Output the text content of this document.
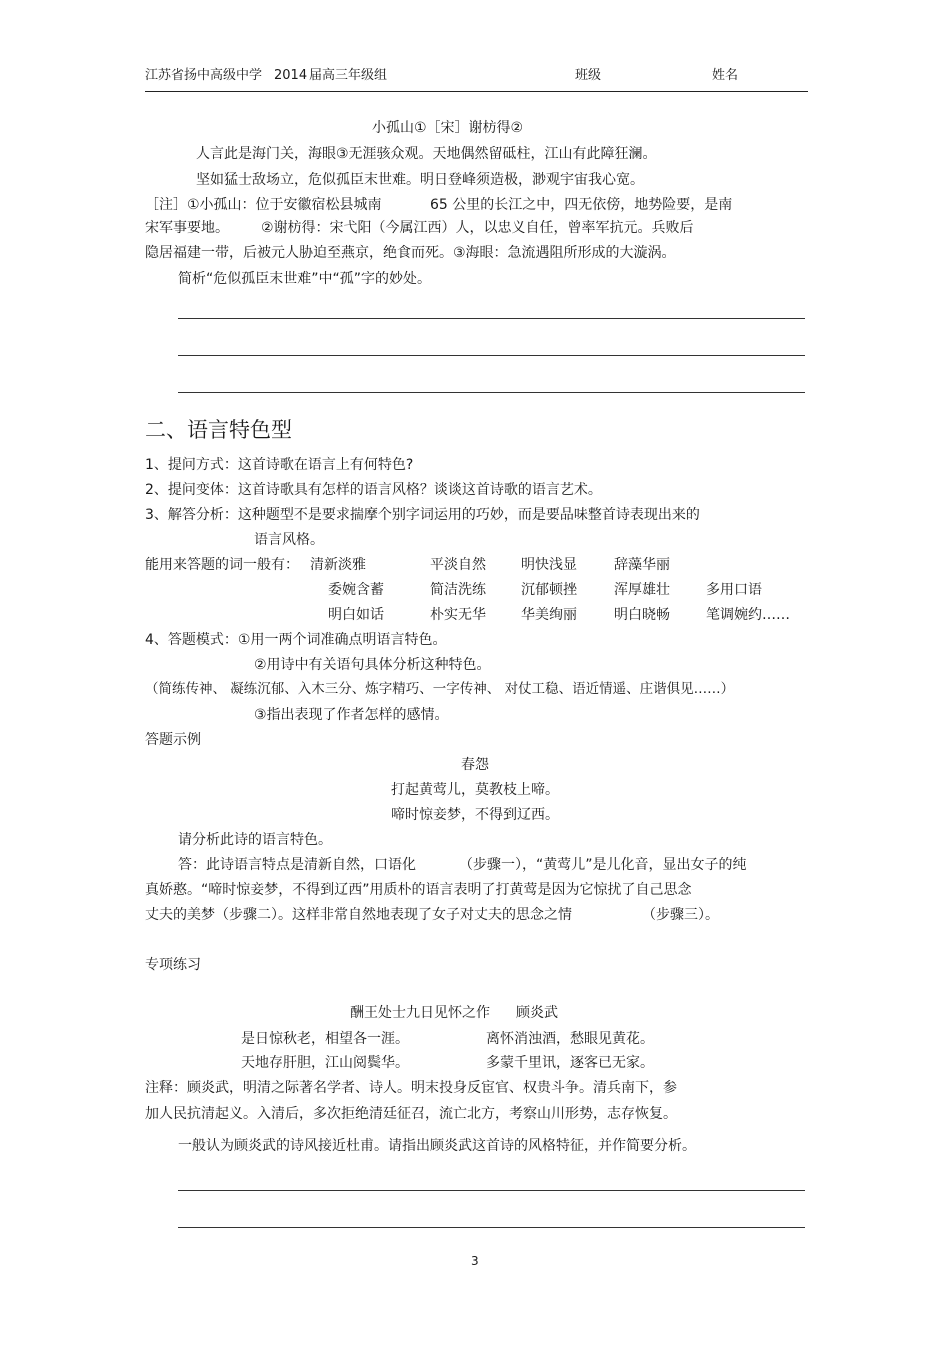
江苏省扬中高级中学 2014 届高三年级组	班级	姓名
小孤山①［宋］谢枋得②
人言此是海门关，海眼③无涯骇众观。天地偶然留砥柱，江山有此障狂澜。
坚如猛士敌场立，危似孤臣末世难。明日登峰须造极，渺观宇宙我心宽。
［注］①小孤山：位于安徽宿松县城南	65 公里的长江之中，四无依傍，地势险要，是南
宋军事要地。 ②谢枋得：宋弋阳（今属江西）人，以忠义自任，曾率军抗元。兵败后
隐居福建一带，后被元人胁迫至燕京，绝食而死。③海眼：急流遇阻所形成的大漩涡。
简析“危似孤臣末世难”中“孤”字的妙处。
二、语言特色型
1、提问方式：这首诗歌在语言上有何特色?
2、提问变体：这首诗歌具有怎样的语言风格？谈谈这首诗歌的语言艺术。
3、解答分析：这种题型不是要求揣摩个别字词运用的巧妙，而是要品味整首诗表现出来的
语言风格。
能用来答题的词一般有： 清新淡雅	平淡自然	明快浅显	辞藻华丽
委婉含蓄	简洁洗练	沉郁顿挫	浑厚雄壮	多用口语
明白如话	朴实无华	华美绚丽	明白晓畅	笔调婉约……
4、答题模式：①用一两个词准确点明语言特色。
②用诗中有关语句具体分析这种特色。
（简练传神、 凝练沉郁、入木三分、炼字精巧、一字传神、 对仗工稳、语近情遥、庄谐俱见……）
③指出表现了作者怎样的感情。
答题示例
春怨
打起黄莺儿，莫教枝上啼。
啼时惊妾梦，不得到辽西。
请分析此诗的语言特色。
答：此诗语言特点是清新自然，口语化	（步骤一），“黄莺儿”是儿化音，显出女子的纯
真娇憨。“啼时惊妾梦，不得到辽西”用质朴的语言表明了打黄莺是因为它惊扰了自己思念
丈夫的美梦（步骤二）。这样非常自然地表现了女子对丈夫的思念之情	（步骤三）。
专项练习
酬王处士九日见怀之作 顾炎武
是日惊秋老，相望各一涯。	离怀消浊酒，愁眼见黄花。
天地存肝胆，江山阅鬓华。	多蒙千里讯，逐客已无家。
注释：顾炎武，明清之际著名学者、诗人。明末投身反宦官、权贵斗争。清兵南下，参
加人民抗清起义。入清后，多次拒绝清廷征召，流亡北方，考察山川形势，志存恢复。
一般认为顾炎武的诗风接近杜甫。请指出顾炎武这首诗的风格特征，并作简要分析。
3
